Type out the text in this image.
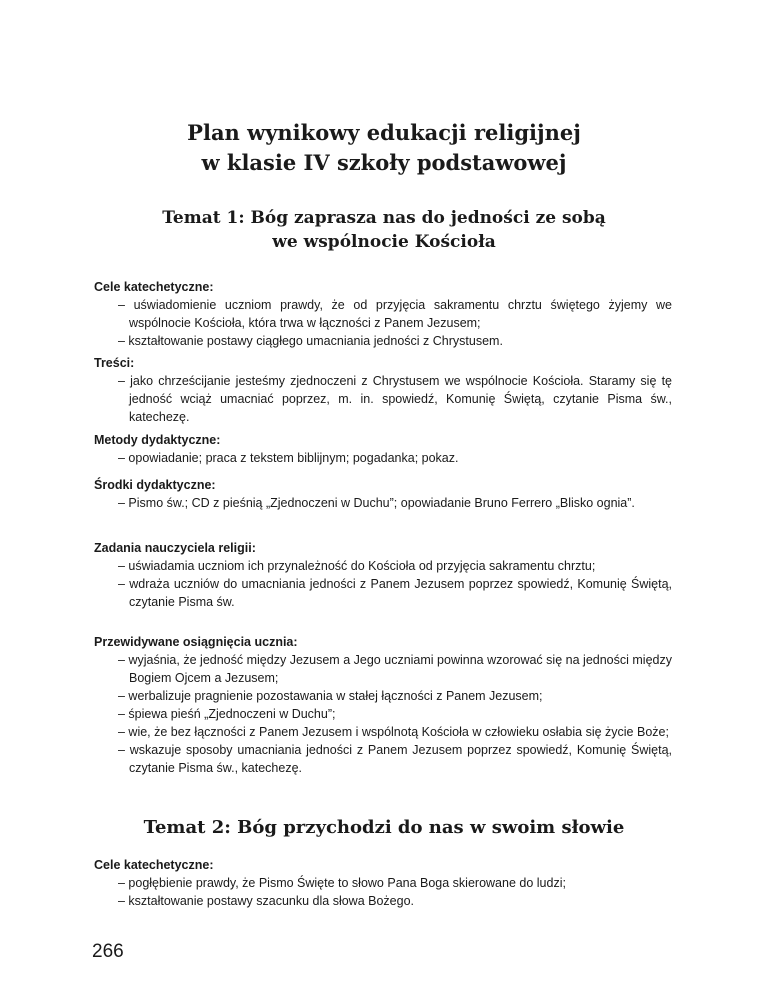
Plan wynikowy edukacji religijnej
w klasie IV szkoły podstawowej
Temat 1: Bóg zaprasza nas do jedności ze sobą
we wspólnocie Kościoła

Cele katechetyczne:

– uświadomienie uczniom prawdy, że od przyjęcia sakramentu chrztu świętego żyjemy we wspólnocie Kościoła, która trwa w łączności z Panem Jezusem;
– kształtowanie postawy ciągłego umacniania jedności z Chrystusem.

Treści:

– jako chrześcijanie jesteśmy zjednoczeni z Chrystusem we wspólnocie Kościoła. Staramy się tę jedność wciąż umacniać poprzez, m. in. spowiedź, Komunię Świętą, czytanie Pisma św., katechezę.

Metody dydaktyczne:

– opowiadanie; praca z tekstem biblijnym; pogadanka; pokaz.

Środki dydaktyczne:

– Pismo św.; CD z pieśnią „Zjednoczeni w Duchu”; opowiadanie Bruno Ferrero „Blisko ognia”.

Zadania nauczyciela religii:

– uświadamia uczniom ich przynależność do Kościoła od przyjęcia sakramentu chrztu;
– wdraża uczniów do umacniania jedności z Panem Jezusem poprzez spowiedź, Komunię Świętą, czytanie Pisma św.

Przewidywane osiągnięcia ucznia:

– wyjaśnia, że jedność między Jezusem a Jego uczniami powinna wzorować się na jedności między Bogiem Ojcem a Jezusem;
– werbalizuje pragnienie pozostawania w stałej łączności z Panem Jezusem;
– śpiewa pieśń „Zjednoczeni w Duchu”;
– wie, że bez łączności z Panem Jezusem i wspólnotą Kościoła w człowieku osłabia się życie Boże;
– wskazuje sposoby umacniania jedności z Panem Jezusem poprzez spowiedź, Komunię Świętą, czytanie Pisma św., katechezę.
Temat 2: Bóg przychodzi do nas w swoim słowie

Cele katechetyczne:

– pogłębienie prawdy, że Pismo Święte to słowo Pana Boga skierowane do ludzi;
– kształtowanie postawy szacunku dla słowa Bożego.

266
